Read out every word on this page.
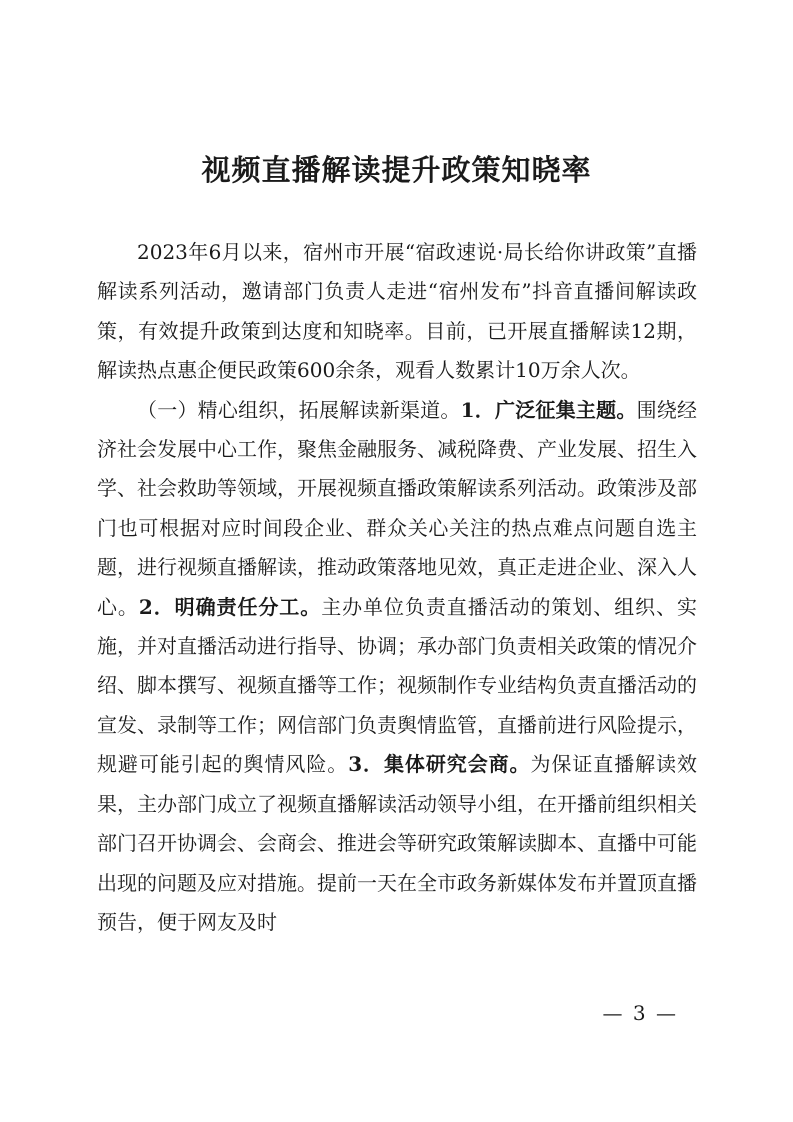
视频直播解读提升政策知晓率

2023年6月以来，宿州市开展“宿政速说·局长给你讲政策”直播解读系列活动，邀请部门负责人走进“宿州发布”抖音直播间解读政策，有效提升政策到达度和知晓率。目前，已开展直播解读12期，解读热点惠企便民政策600余条，观看人数累计10万余人次。

（一）精心组织，拓展解读新渠道。1．广泛征集主题。围绕经济社会发展中心工作，聚焦金融服务、减税降费、产业发展、招生入学、社会救助等领域，开展视频直播政策解读系列活动。政策涉及部门也可根据对应时间段企业、群众关心关注的热点难点问题自选主题，进行视频直播解读，推动政策落地见效，真正走进企业、深入人心。2．明确责任分工。主办单位负责直播活动的策划、组织、实施，并对直播活动进行指导、协调；承办部门负责相关政策的情况介绍、脚本撰写、视频直播等工作；视频制作专业结构负责直播活动的宣发、录制等工作；网信部门负责舆情监管，直播前进行风险提示，规避可能引起的舆情风险。3．集体研究会商。为保证直播解读效果，主办部门成立了视频直播解读活动领导小组，在开播前组织相关部门召开协调会、会商会、推进会等研究政策解读脚本、直播中可能出现的问题及应对措施。提前一天在全市政务新媒体发布并置顶直播预告，便于网友及时

— 3 —
